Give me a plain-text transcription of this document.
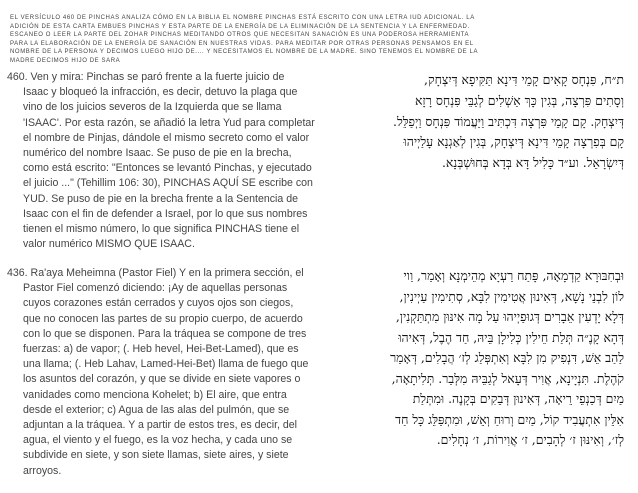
EL VERSÍCULO 460 DE PINCHAS ANALIZA CÓMO EN LA BIBLIA EL NOMBRE PINCHAS ESTÁ ESCRITO CON UNA LETRA IUD ADICIONAL. LA
ADICIÓN DE ESTA CARTA EMBUES PINCHAS Y ESTA PARTE DE LA ENERGÍA DE LA ELIMINACIÓN DE LA SENTENCIA Y LA ENFERMEDAD.
ESCANEO O LEER LA PARTE DEL ZOHAR PINCHAS MEDITANDO OTROS QUE NECESITAN SANACIÓN ES UNA PODEROSA HERRAMIENTA
PARA LA ELABORACIÓN DE LA ENERGÍA DE SANACIÓN EN NUESTRAS VIDAS. PARA MEDITAR POR OTRAS PERSONAS PENSAMOS EN EL
NOMBRE DE LA PERSONA Y DECIMOS LUEGO HIJO DE.... Y NECESITAMOS EL NOMBRE DE LA MADRE. SINO TENEMOS EL NOMBRE DE LA
MADRE DECIMOS HIJO DE SARA
460. Ven y mira: Pinchas se paró frente a la fuerte juicio de
Isaac y bloqueó la infracción, es decir, detuvo la plaga que
vino de los juicios severos de la Izquierda que se llama
'ISAAC'. Por esta razón, se añadió la letra Yud para completar
el nombre de Pinjas, dándole el mismo secreto como el valor
numérico del nombre Isaac. Se puso de pie en la brecha,
como está escrito: "Entonces se levantó Pinchas, y ejecutado
el juicio ..." (Tehillim 106: 30), PINCHAS AQUÍ SE escribe con
YUD. Se puso de pie en la brecha frente a la Sentencia de
Isaac con el fin de defender a Israel, por lo que sus nombres
tienen el mismo número, lo que significa PINCHAS tiene el
valor numérico MISMO QUE ISAAC.
ת״ח, פִּנְחָס קָאִים קָמֵי דִּינָא תַּקִּיפָא דְּיִצְחָק,
וְסָתִים פִּרְצָה, בְּגִין כָּךְ אַשְׁלִים לְגַבֵּי פִּנְחָס רָזָא
דְּיִצְחָק. קָם קָמֵי פִּרְצָה דִּכְתִּיב וַיַּעֲמוֹד פִּנְחָס וַיְפַלֵּל.
קָם בְּפִרְצָה קָמֵי דִּינָא דְּיִצְחָק, בְּגִין לְאַגְנָא עָלַיְיהוּ
דְּיִשְׂרָאֵל. וע״ד כָּלִיל דָּא בְּדָא בְּחוּשְׁבְּנָא.
436. Ra'aya Meheimna (Pastor Fiel) Y en la primera sección, el
Pastor Fiel comenzó diciendo: ¡Ay de aquellas personas
cuyos corazones están cerrados y cuyos ojos son ciegos,
que no conocen las partes de su propio cuerpo, de acuerdo
con lo que se disponen. Para la tráquea se compone de tres
fuerzas: a) de vapor; (. Heb hevel, Hei-Bet-Lamed), que es
una llama; (. Heb Lahav, Lamed-Hei-Bet) llama de fuego que
los asuntos del corazón, y que se divide en siete vapores o
vanidades como menciona Kohelet; b) El aire, que entra
desde el exterior; c) Agua de las alas del pulmón, que se
adjuntan a la tráquea. Y a partir de estos tres, es decir, del
agua, el viento y el fuego, es la voz hecha, y cada uno se
subdivide en siete, y son siete llamas, siete aires, y siete
arroyos.
וּבְחִבּוּרָא קַדְמָאָה, פָּתַח רַעְיָא מְהֵימְנָא וְאָמַר, וַוי
לוֹן לִבְנֵי נָשָׁא, דְּאִינוּן אֲטִימִין לִבָּא, סְתִימִין עַיְינִין,
דְּלָא יָדְעִין אֵבָרִים דְּגוּפַיְיהוּ עַל מָה אִינּוּן מִתְתַּקְנִין,
דְּהָא קָנֶ״ה תְּלַת חֵילִין כְּלִילָן בֵּיהּ, חַד הֶבֶל, דְּאִיהוּ
לַהַב אֵשׁ, דִּנְפִיק מִן לִבָּא וְאִתְפְּלַג לְז׳ הֲבָלִים, דְּאָמַר
קֹהֶלֶת. תִּנְיָינָא, אֲוִיר דְּעָאל לְגַבֵּיהּ מִלְּבַר. תְּלִיתָאָה,
מַיִם דְּכַנְפֵי רֵיאָה, דְּאִינוּן דְּבֵקִים בְּקָנֶה. וּמִתְּלַת
אִלֵּין אִתְעֲבִיד קוֹל, מַיִם וְרוּחַ וְאֵשׁ, וּמִתְפַּלֵּג כָּל חַד
לְז׳, וְאִינּוּן ז׳ לְהָבִים, ז׳ אֲוִירוֹת, ז׳ נְחָלִים.
